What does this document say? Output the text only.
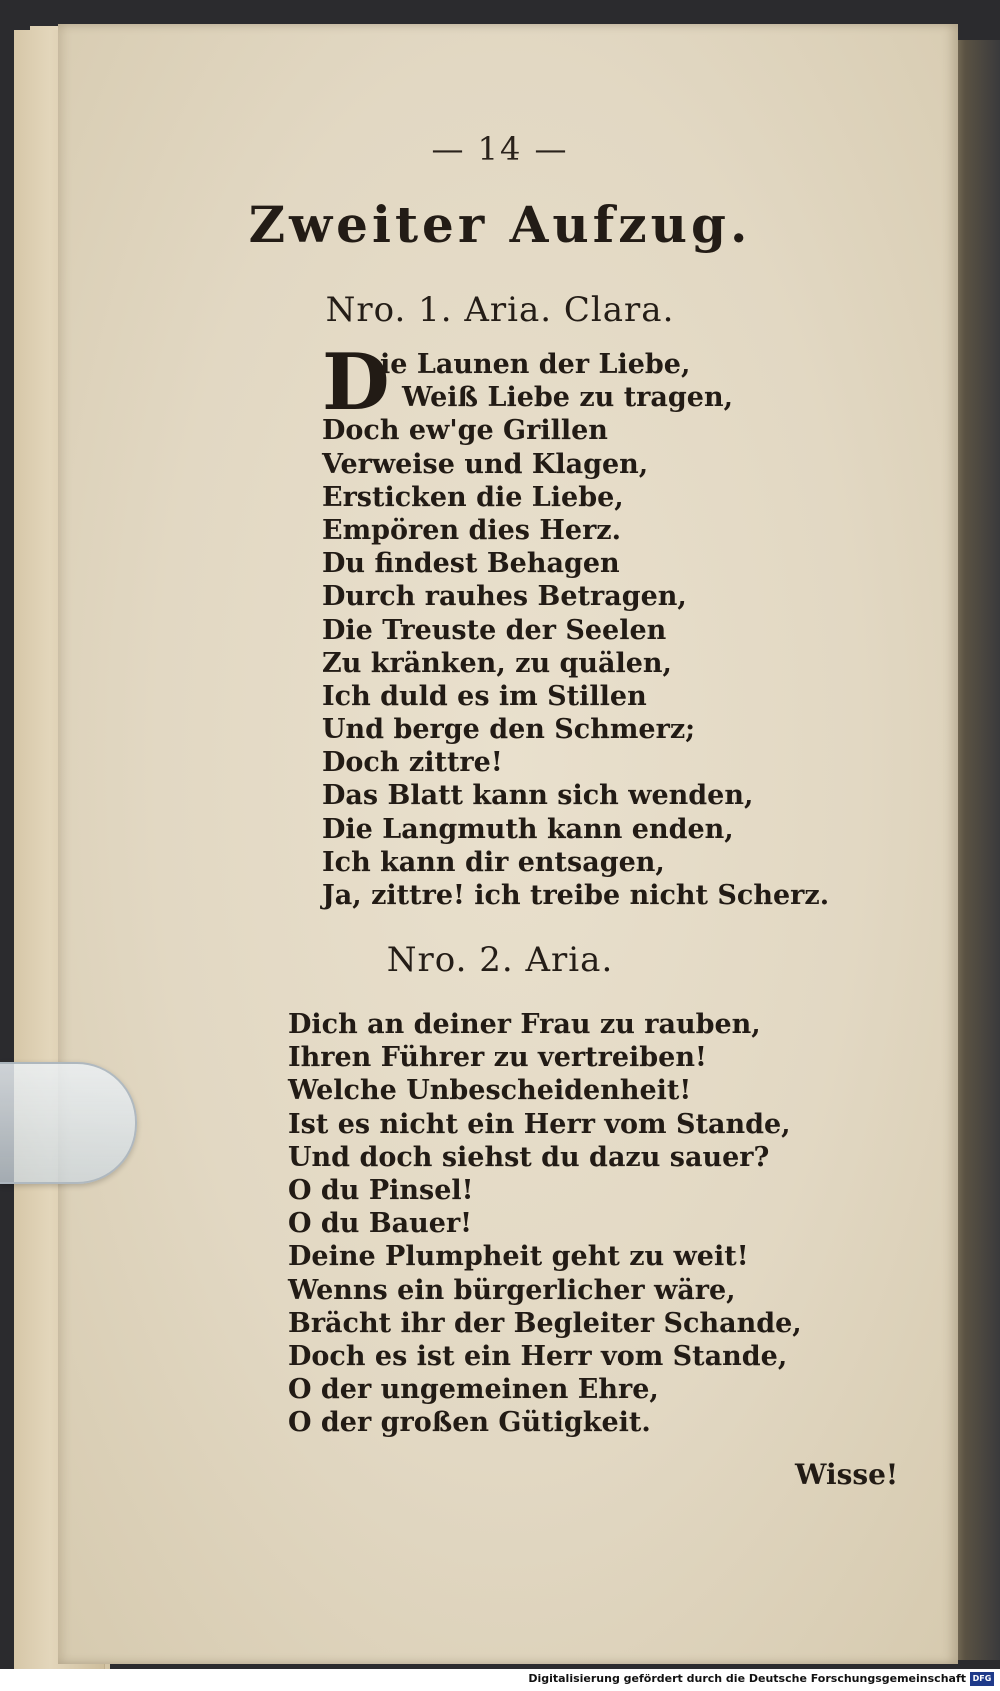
— 14 —
Zweiter Aufzug.
Nro. 1. Aria. Clara.
D
ie Launen der Liebe,
Weiß Liebe zu tragen,
Doch ew'ge Grillen
Verweise und Klagen,
Ersticken die Liebe,
Empören dies Herz.
Du findest Behagen
Durch rauhes Betragen,
Die Treuste der Seelen
Zu kränken, zu quälen,
Ich duld es im Stillen
Und berge den Schmerz;
Doch zittre!
Das Blatt kann sich wenden,
Die Langmuth kann enden,
Ich kann dir entsagen,
Ja, zittre! ich treibe nicht Scherz.
Nro. 2. Aria.
Dich an deiner Frau zu rauben,
Ihren Führer zu vertreiben!
Welche Unbescheidenheit!
Ist es nicht ein Herr vom Stande,
Und doch siehst du dazu sauer?
O du Pinsel!
O du Bauer!
Deine Plumpheit geht zu weit!
Wenns ein bürgerlicher wäre,
Brächt ihr der Begleiter Schande,
Doch es ist ein Herr vom Stande,
O der ungemeinen Ehre,
O der großen Gütigkeit.
Wisse!
Digitalisierung gefördert durch die Deutsche Forschungsgemeinschaft DFG
